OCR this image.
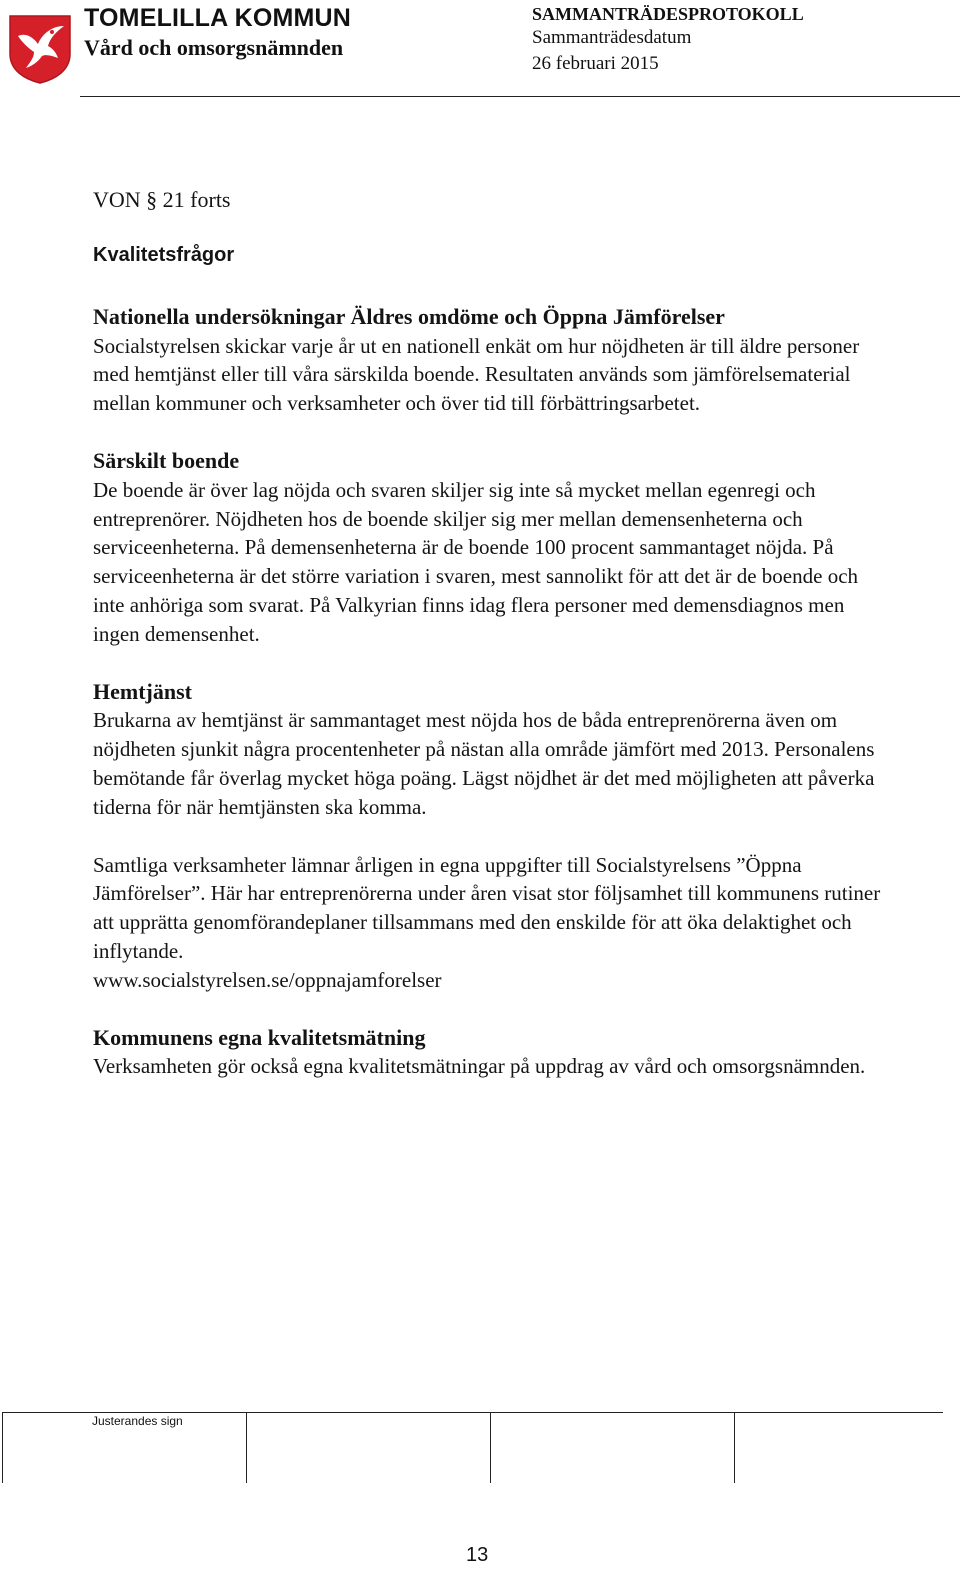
TOMELILLA KOMMUN
Vård och omsorgsnämnden
SAMMANTRÄDESPROTOKOLL
Sammanträdesdatum
26 februari 2015

VON § 21 forts

Kvalitetsfrågor

Nationella undersökningar Äldres omdöme och Öppna Jämförelser

Socialstyrelsen skickar varje år ut en nationell enkät om hur nöjdheten är till äldre personer med hemtjänst eller till våra särskilda boende. Resultaten används som jämförelsematerial mellan kommuner och verksamheter och över tid till förbättringsarbetet.

Särskilt boende

De boende är över lag nöjda och svaren skiljer sig inte så mycket mellan egenregi och entreprenörer. Nöjdheten hos de boende skiljer sig mer mellan demensenheterna och serviceenheterna. På demensenheterna är de boende 100 procent sammantaget nöjda. På serviceenheterna är det större variation i svaren, mest sannolikt för att det är de boende och inte anhöriga som svarat. På Valkyrian finns idag flera personer med demensdiagnos men ingen demensenhet.

Hemtjänst

Brukarna av hemtjänst är sammantaget mest nöjda hos de båda entreprenörerna även om nöjdheten sjunkit några procentenheter på nästan alla område jämfört med 2013. Personalens bemötande får överlag mycket höga poäng. Lägst nöjdhet är det med möjligheten att påverka tiderna för när hemtjänsten ska komma.

Samtliga verksamheter lämnar årligen in egna uppgifter till Socialstyrelsens ”Öppna Jämförelser”. Här har entreprenörerna under åren visat stor följsamhet till kommunens rutiner att upprätta genomförandeplaner tillsammans med den enskilde för att öka delaktighet och inflytande.

www.socialstyrelsen.se/oppnajamforelser

Kommunens egna kvalitetsmätning

Verksamheten gör också egna kvalitetsmätningar på uppdrag av vård och omsorgsnämnden.

Justerandes sign
13
